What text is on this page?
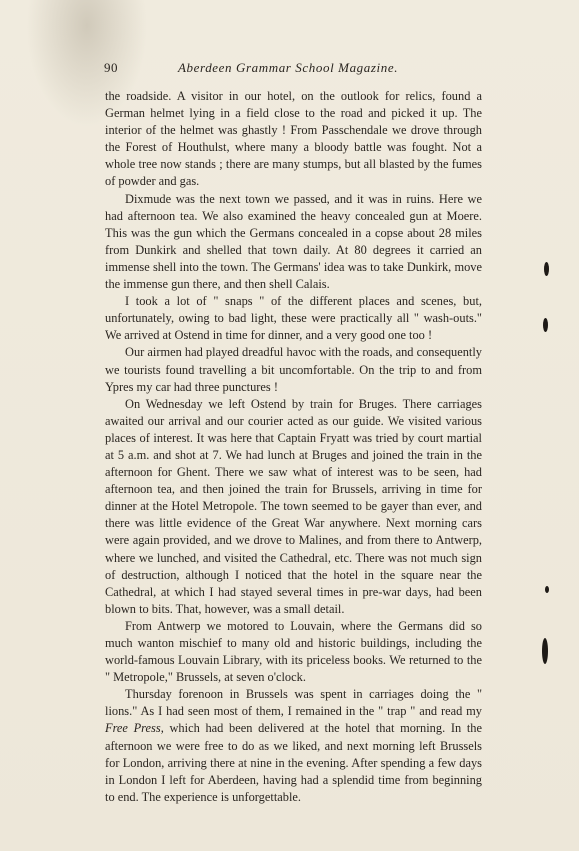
90	Aberdeen Grammar School Magazine.

the roadside. A visitor in our hotel, on the outlook for relics, found a German helmet lying in a field close to the road and picked it up. The interior of the helmet was ghastly ! From Passchendale we drove through the Forest of Houthulst, where many a bloody battle was fought. Not a whole tree now stands ; there are many stumps, but all blasted by the fumes of powder and gas.

Dixmude was the next town we passed, and it was in ruins. Here we had afternoon tea. We also examined the heavy concealed gun at Moere. This was the gun which the Germans concealed in a copse about 28 miles from Dunkirk and shelled that town daily. At 80 degrees it carried an immense shell into the town. The Germans' idea was to take Dunkirk, move the immense gun there, and then shell Calais.

I took a lot of " snaps " of the different places and scenes, but, unfortunately, owing to bad light, these were practically all " wash-outs." We arrived at Ostend in time for dinner, and a very good one too !

Our airmen had played dreadful havoc with the roads, and consequently we tourists found travelling a bit uncomfortable. On the trip to and from Ypres my car had three punctures !

On Wednesday we left Ostend by train for Bruges. There carriages awaited our arrival and our courier acted as our guide. We visited various places of interest. It was here that Captain Fryatt was tried by court martial at 5 a.m. and shot at 7. We had lunch at Bruges and joined the train in the afternoon for Ghent. There we saw what of interest was to be seen, had afternoon tea, and then joined the train for Brussels, arriving in time for dinner at the Hotel Metropole. The town seemed to be gayer than ever, and there was little evidence of the Great War anywhere. Next morning cars were again provided, and we drove to Malines, and from there to Antwerp, where we lunched, and visited the Cathedral, etc. There was not much sign of destruction, although I noticed that the hotel in the square near the Cathedral, at which I had stayed several times in pre-war days, had been blown to bits. That, however, was a small detail.

From Antwerp we motored to Louvain, where the Germans did so much wanton mischief to many old and historic buildings, including the world-famous Louvain Library, with its priceless books. We returned to the " Metropole," Brussels, at seven o'clock.

Thursday forenoon in Brussels was spent in carriages doing the " lions." As I had seen most of them, I remained in the " trap " and read my Free Press, which had been delivered at the hotel that morning. In the afternoon we were free to do as we liked, and next morning left Brussels for London, arriving there at nine in the evening. After spending a few days in London I left for Aberdeen, having had a splendid time from beginning to end. The experience is unforgettable.
